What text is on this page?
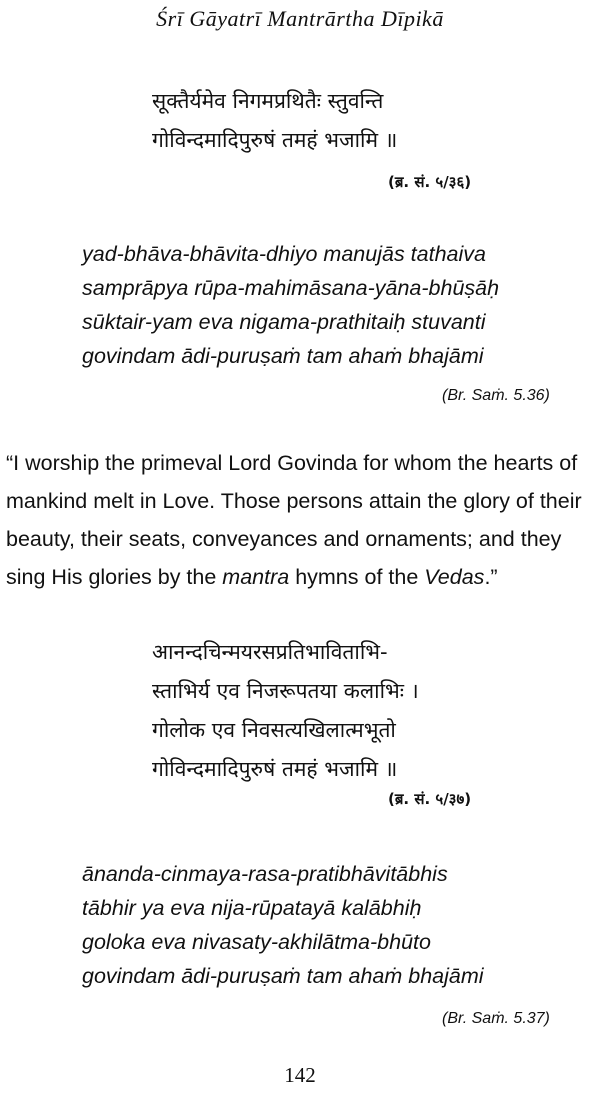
Śrī Gāyatrī Mantrārtha Dīpikā
सूक्तैर्यमेव निगमप्रथितैः स्तुवन्ति
गोविन्दमादिपुरुषं तमहं भजामि ॥
(ब्र. सं. ५/३६)
yad-bhāva-bhāvita-dhiyo manujās tathaiva
samprāpya rūpa-mahimāsana-yāna-bhūṣāḥ
sūktair-yam eva nigama-prathitaiḥ stuvanti
govindam ādi-puruṣaṁ tam ahaṁ bhajāmi
(Br. Saṁ. 5.36)
“I worship the primeval Lord Govinda for whom the hearts of mankind melt in Love. Those persons attain the glory of their beauty, their seats, conveyances and ornaments; and they sing His glories by the mantra hymns of the Vedas.”
आनन्दचिन्मयरसप्रतिभाविताभि-
स्ताभिर्य एव निजरूपतया कलाभिः ।
गोलोक एव निवसत्यखिलात्मभूतो
गोविन्दमादिपुरुषं तमहं भजामि ॥
(ब्र. सं. ५/३७)
ānanda-cinmaya-rasa-pratibhāvitābhis
tābhir ya eva nija-rūpatayā kalābhiḥ
goloka eva nivasaty-akhilātma-bhūto
govindam ādi-puruṣaṁ tam ahaṁ bhajāmi
(Br. Saṁ. 5.37)
142
